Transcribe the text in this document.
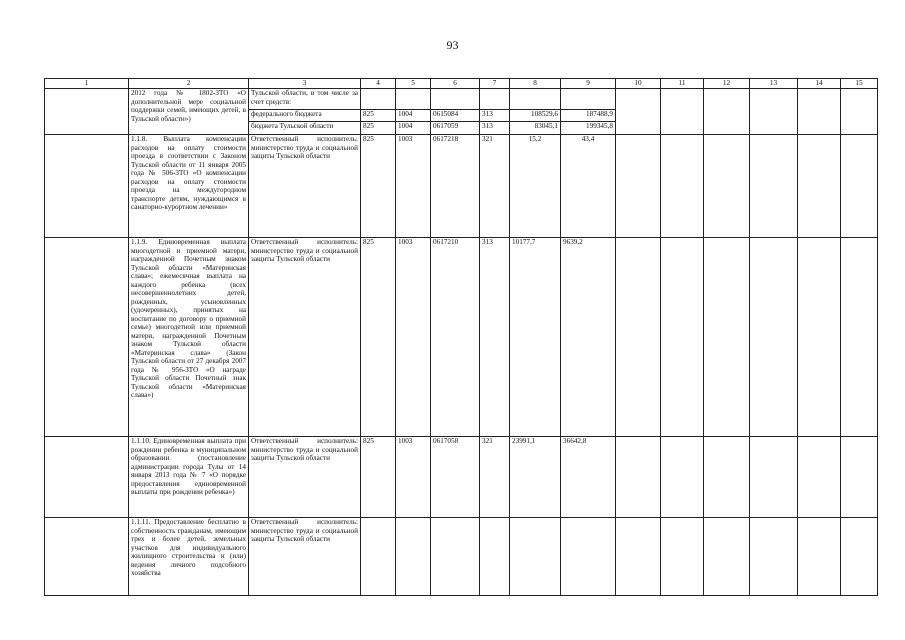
93
1	2	3	4	5	6	7	8	9	10	11	12	13	14	15
	2012 года № 1802-ЗТО «О дополнительной мере социальной поддержки семей, имеющих детей, в Тульской области»)	Тульской области, в том числе за счет средств:												
		федерального бюджета	825	1004	0615084	313	108529,6	187488,9						
		бюджета Тульской области	825	1004	0617059	313	83045,1	199345,8						
	1.1.8. Выплата компенсации расходов на оплату стоимости проезда в соответствии с Законом Тульской области от 11 января 2005 года № 506-ЗТО «О компенсации расходов на оплату стоимости проезда на междугородном транспорте детям, нуждающимся в санаторно-курортном лечении»	Ответственный исполнитель: министерство труда и социальной защиты Тульской области	825	1003	0617218	321	15,2	43,4						
	1.1.9. Единовременная выплата многодетной и приемной матери, награжденной Почетным знаком Тульской области «Материнская слава»; ежемесячная выплата на каждого ребенка (всех несовершеннолетних детей, рожденных, усыновленных (удочеренных), принятых на воспитание по договору о приемной семье) многодетной или приемной матери, награжденной Почетным знаком Тульской области «Материнская слава» (Закон Тульской области от 27 декабря 2007 года № 956-ЗТО «О награде Тульской области Почетный знак Тульской области «Материнская слава»)	Ответственный исполнитель: министерство труда и социальной защиты Тульской области	825	1003	0617210	313	10177,7	9639,2						
	1.1.10. Единовременная выплата при рождении ребенка в муниципальном образовании (постановление администрации города Тулы от 14 января 2013 года № 7 «О порядке предоставления единовременной выплаты при рождении ребенка»)	Ответственный исполнитель: министерство труда и социальной защиты Тульской области	825	1003	0617058	321	23991,1	36642,8						
	1.1.11. Предоставление бесплатно в собственность гражданам, имеющим трех и более детей, земельных участков для индивидуального жилищного строительства и (или) ведения личного подсобного хозяйства	Ответственный исполнитель: министерство труда и социальной защиты Тульской области												
